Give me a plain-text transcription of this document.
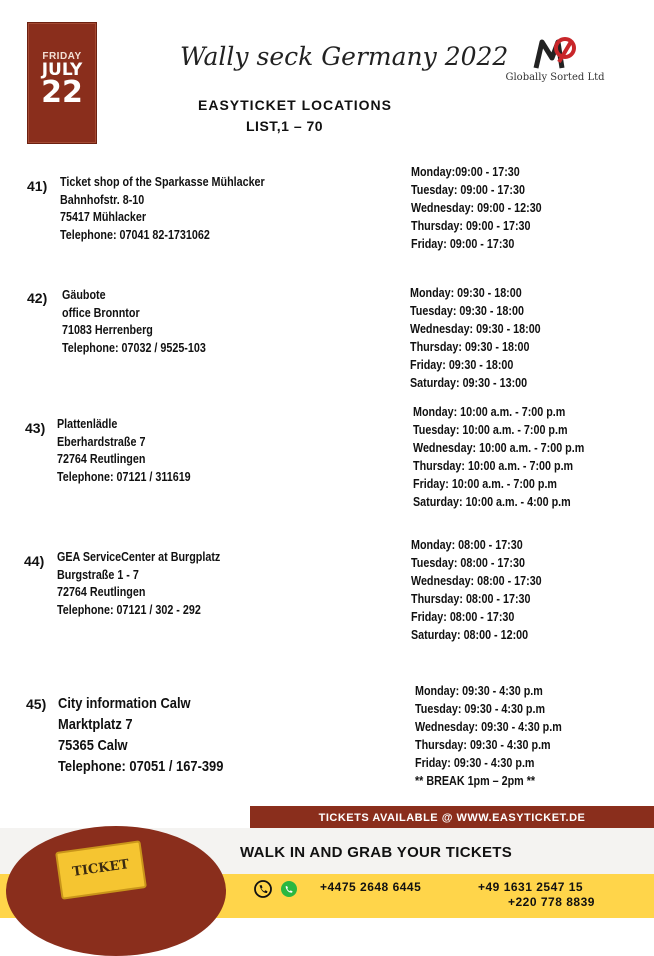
FRIDAY
JULY
22
Wally seck Germany 2022
Globally Sorted Ltd
EASYTICKET LOCATIONS
LIST,1 – 70
41) Ticket shop of the Sparkasse Mühlacker
Bahnhofstr. 8-10
75417 Mühlacker
Telephone: 07041 82-1731062
Monday:09:00 - 17:30
Tuesday: 09:00 - 17:30
Wednesday: 09:00 - 12:30
Thursday: 09:00 - 17:30
Friday: 09:00 - 17:30
42) Gäubote
office Bronntor
71083 Herrenberg
Telephone: 07032 / 9525-103
Monday: 09:30 - 18:00
Tuesday: 09:30 - 18:00
Wednesday: 09:30 - 18:00
Thursday: 09:30 - 18:00
Friday: 09:30 - 18:00
Saturday: 09:30 - 13:00
43) Plattenlädle
Eberhardstraße 7
72764 Reutlingen
Telephone: 07121 / 311619
Monday: 10:00 a.m. - 7:00 p.m
Tuesday: 10:00 a.m. - 7:00 p.m
Wednesday: 10:00 a.m. - 7:00 p.m
Thursday: 10:00 a.m. - 7:00 p.m
Friday: 10:00 a.m. - 7:00 p.m
Saturday: 10:00 a.m. - 4:00 p.m
44) GEA ServiceCenter at Burgplatz
Burgstraße 1 - 7
72764 Reutlingen
Telephone: 07121 / 302 - 292
Monday: 08:00 - 17:30
Tuesday: 08:00 - 17:30
Wednesday: 08:00 - 17:30
Thursday: 08:00 - 17:30
Friday: 08:00 - 17:30
Saturday: 08:00 - 12:00
45) City information Calw
Marktplatz 7
75365 Calw
Telephone: 07051 / 167-399
Monday: 09:30 - 4:30 p.m
Tuesday: 09:30 - 4:30 p.m
Wednesday: 09:30 - 4:30 p.m
Thursday: 09:30 - 4:30 p.m
Friday: 09:30 - 4:30 p.m
** BREAK 1pm – 2pm **
TICKETS AVAILABLE @ WWW.EASYTICKET.DE
TICKET
WALK IN AND GRAB YOUR TICKETS
+4475 2648 6445	+49 1631 2547 15
+220 778 8839
